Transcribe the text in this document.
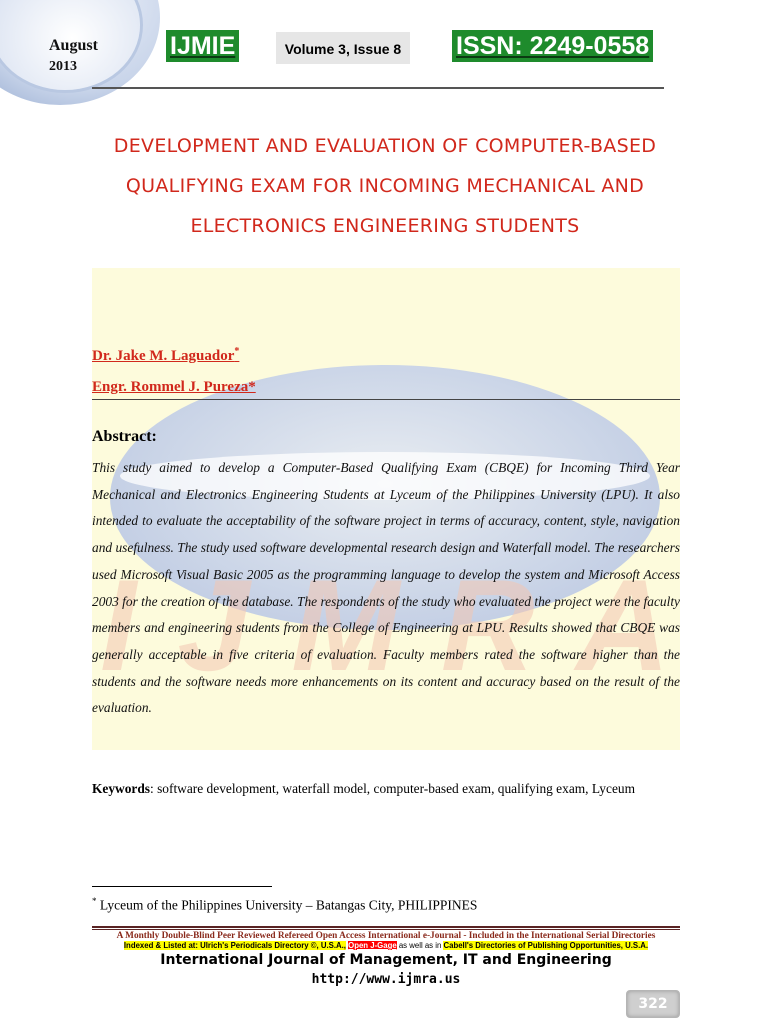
August
2013
IJMIE	Volume 3, Issue 8	ISSN: 2249-0558
I J M R A
DEVELOPMENT AND EVALUATION OF COMPUTER-BASED QUALIFYING EXAM FOR INCOMING MECHANICAL AND ELECTRONICS ENGINEERING STUDENTS
Dr. Jake M. Laguador*
Engr. Rommel J. Pureza*
Abstract:
This study aimed to develop a Computer-Based Qualifying Exam (CBQE) for Incoming Third Year Mechanical and Electronics Engineering Students at Lyceum of the Philippines University (LPU). It also intended to evaluate the acceptability of the software project in terms of accuracy, content, style, navigation and usefulness. The study used software developmental research design and Waterfall model. The researchers used Microsoft Visual Basic 2005 as the programming language to develop the system and Microsoft Access 2003 for the creation of the database. The respondents of the study who evaluated the project were the faculty members and engineering students from the College of Engineering at LPU. Results showed that CBQE was generally acceptable in five criteria of evaluation. Faculty members rated the software higher than the students and the software needs more enhancements on its content and accuracy based on the result of the evaluation.
Keywords: software development, waterfall model, computer-based exam, qualifying exam, Lyceum
* Lyceum of the Philippines University – Batangas City, PHILIPPINES
A Monthly Double-Blind Peer Reviewed Refereed Open Access International e-Journal - Included in the International Serial Directories
Indexed & Listed at: Ulrich's Periodicals Directory ©, U.S.A., Open J-Gage as well as in Cabell's Directories of Publishing Opportunities, U.S.A.
International Journal of Management, IT and Engineering
http://www.ijmra.us
322
